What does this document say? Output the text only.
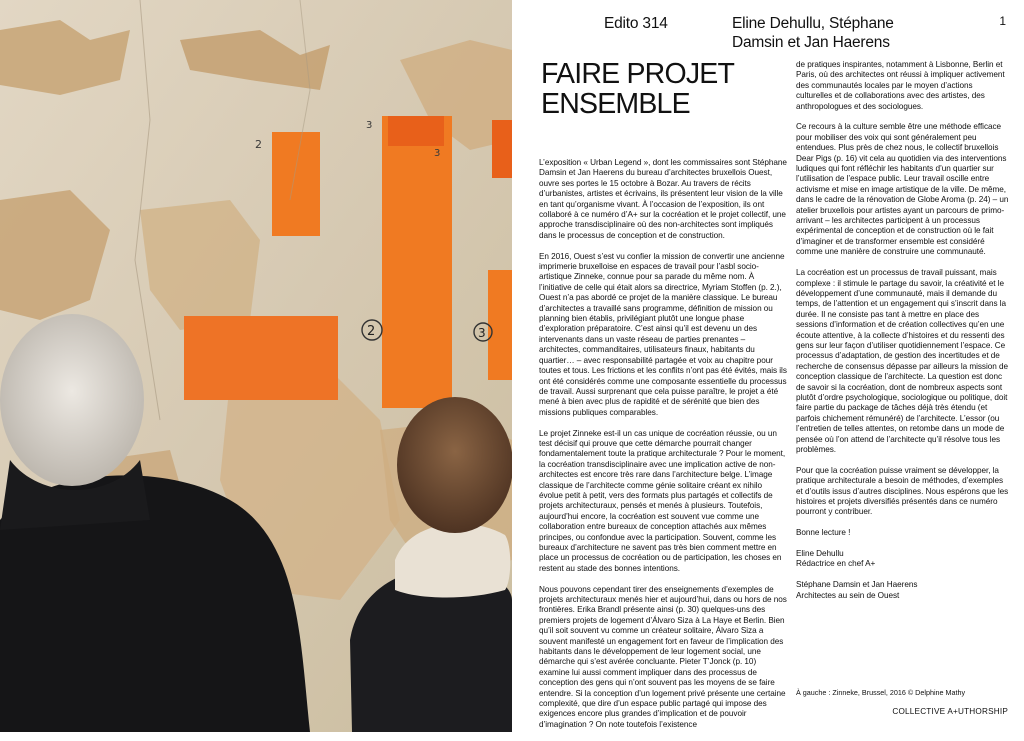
2
3
3
2	3
Edito 314	Eline Dehullu, Stéphane Damsin et Jan Haerens
1
FAIRE PROJET ENSEMBLE

L’exposition « Urban Legend », dont les commissaires sont Stéphane Damsin et Jan Haerens du bureau d’architectes bruxellois Ouest, ouvre ses portes le 15 octobre à Bozar. Au travers de récits d’urbanistes, artistes et écrivains, ils présentent leur vision de la ville en tant qu’organisme vivant. À l’occasion de l’exposition, ils ont collaboré à ce numéro d’A+ sur la cocréation et le projet collectif, une approche transdisciplinaire où des non-architectes sont impliqués dans le processus de conception et de construction.

En 2016, Ouest s’est vu confier la mission de convertir une ancienne imprimerie bruxelloise en espaces de travail pour l’asbl socio-artistique Zinneke, connue pour sa parade du même nom. À l’initiative de celle qui était alors sa directrice, Myriam Stoffen (p. 2.), Ouest n’a pas abordé ce projet de la manière classique. Le bureau d’architectes a travaillé sans programme, définition de mission ou planning bien établis, privilégiant plutôt une longue phase d’exploration préparatoire. C’est ainsi qu’il est devenu un des intervenants dans un vaste réseau de parties prenantes – architectes, commanditaires, utilisateurs finaux, habitants du quartier… – avec responsabilité partagée et voix au chapitre pour toutes et tous. Les frictions et les conflits n’ont pas été évités, mais ils ont été considérés comme une composante essentielle du processus de travail. Aussi surprenant que cela puisse paraître, le projet a été mené à bien avec plus de rapidité et de sérénité que bien des missions publiques comparables.

Le projet Zinneke est-il un cas unique de cocréation réussie, ou un test décisif qui prouve que cette démarche pourrait changer fondamentalement toute la pratique architecturale ? Pour le moment, la cocréation transdisciplinaire avec une implication active de non-architectes est encore très rare dans l’architecture belge. L’image classique de l’architecte comme génie solitaire créant ex nihilo évolue petit à petit, vers des formats plus partagés et collectifs de projets architecturaux, pensés et menés à plusieurs. Toutefois, aujourd’hui encore, la cocréation est souvent vue comme une collaboration entre bureaux de conception attachés aux mêmes principes, ou confondue avec la participation. Souvent, comme les bureaux d’architecture ne savent pas très bien comment mettre en place un processus de cocréation ou de participation, les choses en restent au stade des bonnes intentions.

Nous pouvons cependant tirer des enseignements d’exemples de projets architecturaux menés hier et aujourd’hui, dans ou hors de nos frontières. Erika Brandl présente ainsi (p. 30) quelques-uns des premiers projets de logement d’Álvaro Siza à La Haye et Berlin. Bien qu’il soit souvent vu comme un créateur solitaire, Álvaro Siza a souvent manifesté un engagement fort en faveur de l’implication des habitants dans le développement de leur logement social, une démarche qui s’est avérée concluante. Pieter T’Jonck (p. 10) examine lui aussi comment impliquer dans des processus de conception des gens qui n’ont souvent pas les moyens de se faire entendre. Si la conception d’un logement privé présente une certaine complexité, que dire d’un espace public partagé qui impose des exigences encore plus grandes d’implication et de pouvoir d’imagination ? On note toutefois l’existence

de pratiques inspirantes, notamment à Lisbonne, Berlin et Paris, où des architectes ont réussi à impliquer activement des communautés locales par le moyen d’actions culturelles et de collaborations avec des artistes, des anthropologues et des sociologues.

Ce recours à la culture semble être une méthode efficace pour mobiliser des voix qui sont généralement peu entendues. Plus près de chez nous, le collectif bruxellois Dear Pigs (p. 16) vit cela au quotidien via des interventions ludiques qui font réfléchir les habitants d’un quartier sur l’utilisation de l’espace public. Leur travail oscille entre activisme et mise en image artistique de la ville. De même, dans le cadre de la rénovation de Globe Aroma (p. 24) – un atelier bruxellois pour artistes ayant un parcours de primo-arrivant – les architectes participent à un processus expérimental de conception et de construction où le fait d’imaginer et de transformer ensemble est considéré comme une manière de construire une communauté.

La cocréation est un processus de travail puissant, mais complexe : il stimule le partage du savoir, la créativité et le développement d’une communauté, mais il demande du temps, de l’attention et un engagement qui s’inscrit dans la durée. Il ne consiste pas tant à mettre en place des sessions d’information et de création collectives qu’en une écoute attentive, à la collecte d’histoires et du ressenti des gens sur leur façon d’utiliser quotidiennement l’espace. Ce processus d’adaptation, de gestion des incertitudes et de recherche de consensus dépasse par ailleurs la mission de conception classique de l’architecte. La question est donc de savoir si la cocréation, dont de nombreux aspects sont plutôt d’ordre psychologique, sociologique ou politique, doit faire partie du package de tâches déjà très étendu (et parfois chichement rémunéré) de l’architecte. L’essor (ou l’entretien de telles attentes, on retombe dans un mode de pensée où l’on attend de l’architecte qu’il résolve tous les problèmes.

Pour que la cocréation puisse vraiment se développer, la pratique architecturale a besoin de méthodes, d’exemples et d’outils issus d’autres disciplines. Nous espérons que les histoires et projets diversifiés présentés dans ce numéro pourront y contribuer.

Bonne lecture !

Eline Dehullu
Rédactrice en chef A+

Stéphane Damsin et Jan Haerens
Architectes au sein de Ouest

À gauche : Zinneke, Brussel, 2016 © Delphine Mathy
COLLECTIVE A+UTHORSHIP
